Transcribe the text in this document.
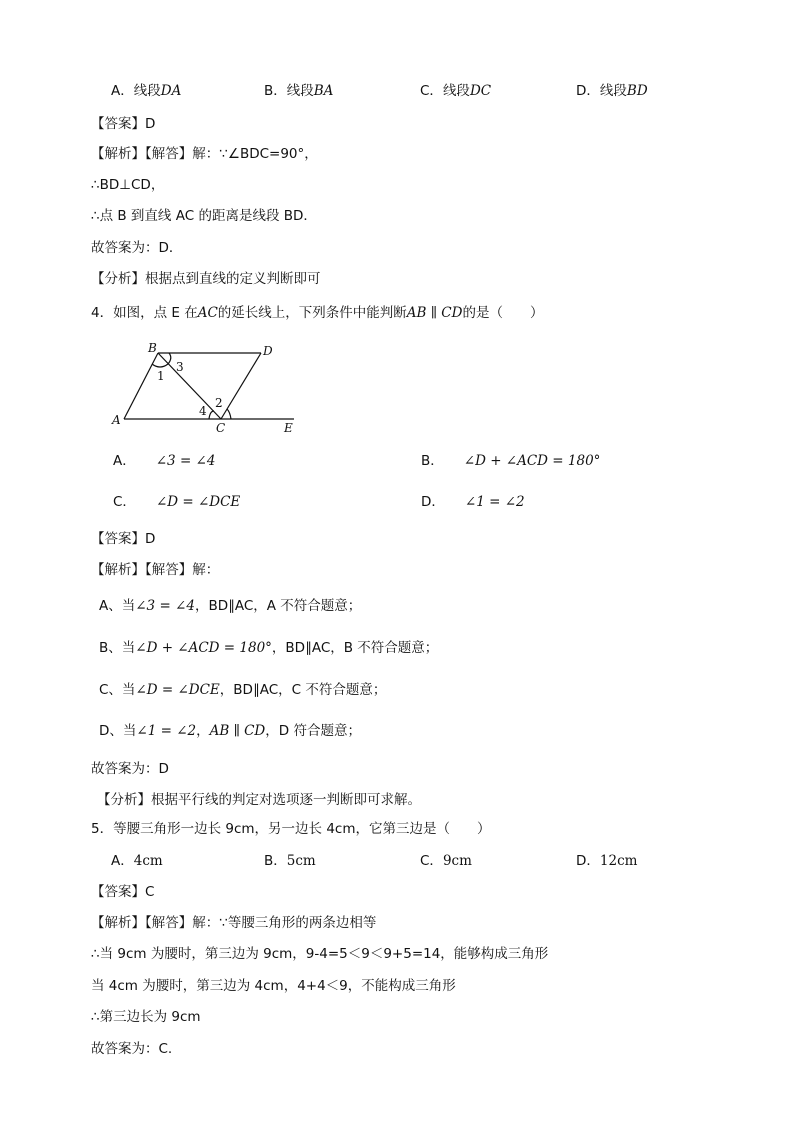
A．线段DA	B．线段BA	C．线段DC	D．线段BD
【答案】D
【解析】【解答】解：∵∠BDC=90°，
∴BD⊥CD，
∴点 B 到直线 AC 的距离是线段 BD．
故答案为：D．
【分析】根据点到直线的定义判断即可
4．如图，点 E 在AC的延长线上，下列条件中能判断AB ∥ CD的是（　　）
B	D
A
C	E
1
2
3
4
A． ∠3 = ∠4	B． ∠D + ∠ACD = 180°
C． ∠D = ∠DCE	D． ∠1 = ∠2
【答案】D
【解析】【解答】解：
A、当∠3 = ∠4，BD∥AC，A 不符合题意；
B、当∠D + ∠ACD = 180°，BD∥AC，B 不符合题意；
C、当∠D = ∠DCE，BD∥AC，C 不符合题意；
D、当∠1 = ∠2，AB ∥ CD，D 符合题意；
故答案为：D
【分析】根据平行线的判定对选项逐一判断即可求解。
5．等腰三角形一边长 9cm，另一边长 4cm，它第三边是（　　）
A．4cm	B．5cm	C．9cm	D．12cm
【答案】C
【解析】【解答】解：∵等腰三角形的两条边相等
∴当 9cm 为腰时，第三边为 9cm，9-4=5＜9＜9+5=14，能够构成三角形
当 4cm 为腰时，第三边为 4cm，4+4＜9，不能构成三角形
∴第三边长为 9cm
故答案为：C.
